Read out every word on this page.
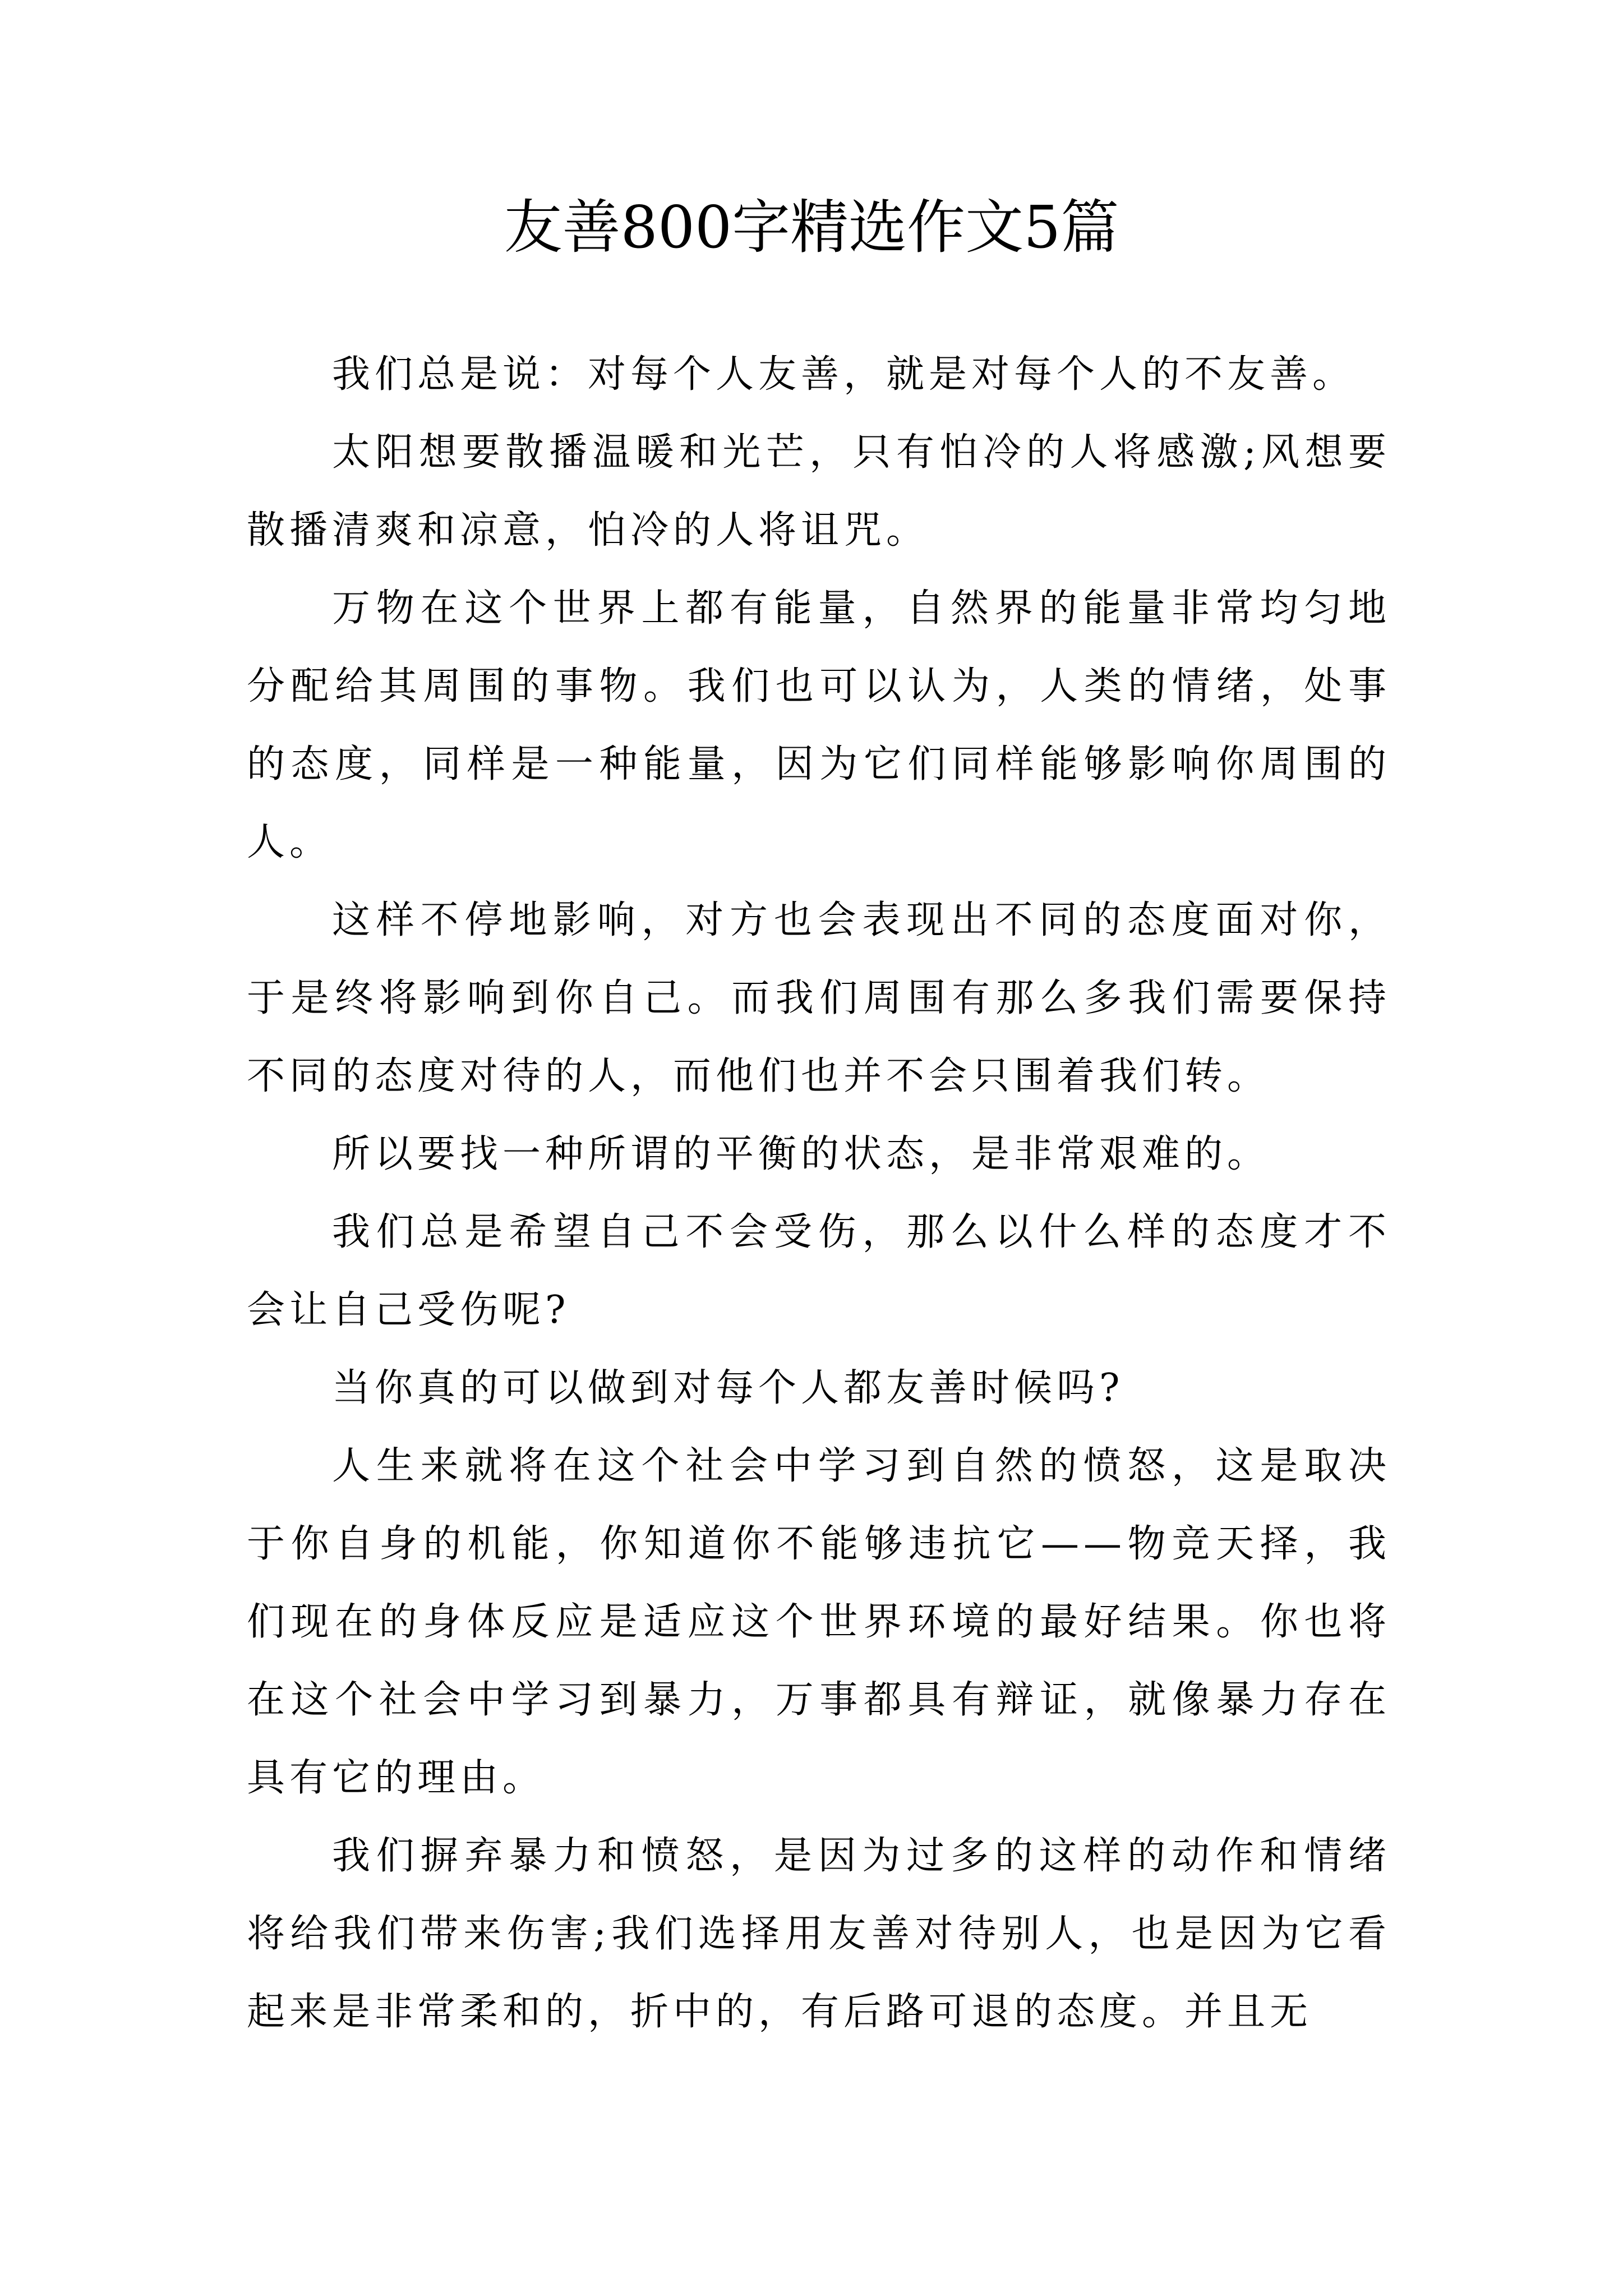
友善800字精选作文5篇

我们总是说：对每个人友善，就是对每个人的不友善。

太阳想要散播温暖和光芒，只有怕冷的人将感激;风想要散播清爽和凉意，怕冷的人将诅咒。

万物在这个世界上都有能量，自然界的能量非常均匀地分配给其周围的事物。我们也可以认为，人类的情绪，处事的态度，同样是一种能量，因为它们同样能够影响你周围的人。

这样不停地影响，对方也会表现出不同的态度面对你，于是终将影响到你自己。而我们周围有那么多我们需要保持不同的态度对待的人，而他们也并不会只围着我们转。

所以要找一种所谓的平衡的状态，是非常艰难的。

我们总是希望自己不会受伤，那么以什么样的态度才不会让自己受伤呢?

当你真的可以做到对每个人都友善时候吗?

人生来就将在这个社会中学习到自然的愤怒，这是取决于你自身的机能，你知道你不能够违抗它——物竞天择，我们现在的身体反应是适应这个世界环境的最好结果。你也将在这个社会中学习到暴力，万事都具有辩证，就像暴力存在具有它的理由。

我们摒弃暴力和愤怒，是因为过多的这样的动作和情绪将给我们带来伤害;我们选择用友善对待别人，也是因为它看起来是非常柔和的，折中的，有后路可退的态度。并且无
